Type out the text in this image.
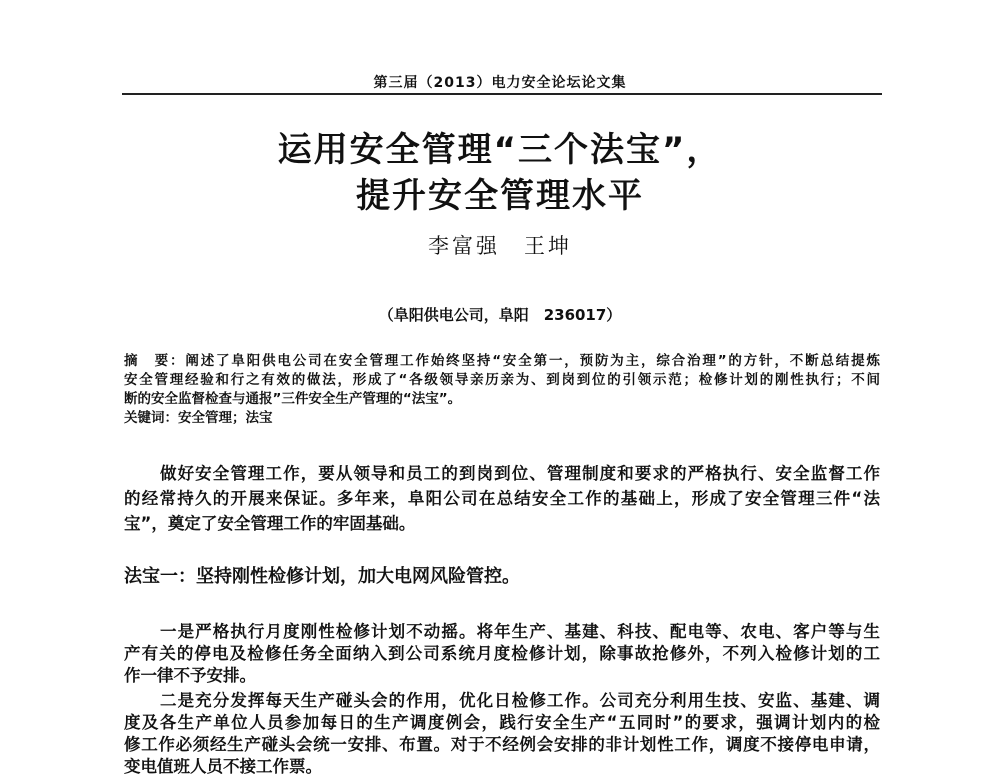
第三届（2013）电力安全论坛论文集
运用安全管理“三个法宝”，
提升安全管理水平
李富强　王坤
（阜阳供电公司，阜阳　236017）
摘　要：阐述了阜阳供电公司在安全管理工作始终坚持“安全第一，预防为主，综合治理”的方针，不断总结提炼
安全管理经验和行之有效的做法，形成了“各级领导亲历亲为、到岗到位的引领示范；检修计划的刚性执行；不间
断的安全监督检查与通报”三件安全生产管理的“法宝”。
关键词：安全管理；法宝
做好安全管理工作，要从领导和员工的到岗到位、管理制度和要求的严格执行、安全监督工作
的经常持久的开展来保证。多年来，阜阳公司在总结安全工作的基础上，形成了安全管理三件“法
宝”，奠定了安全管理工作的牢固基础。
法宝一：坚持刚性检修计划，加大电网风险管控。
一是严格执行月度刚性检修计划不动摇。将年生产、基建、科技、配电等、农电、客户等与生
产有关的停电及检修任务全面纳入到公司系统月度检修计划，除事故抢修外，不列入检修计划的工
作一律不予安排。
二是充分发挥每天生产碰头会的作用，优化日检修工作。公司充分利用生技、安监、基建、调
度及各生产单位人员参加每日的生产调度例会，践行安全生产“五同时”的要求，强调计划内的检
修工作必须经生产碰头会统一安排、布置。对于不经例会安排的非计划性工作，调度不接停电申请，
变电值班人员不接工作票。
